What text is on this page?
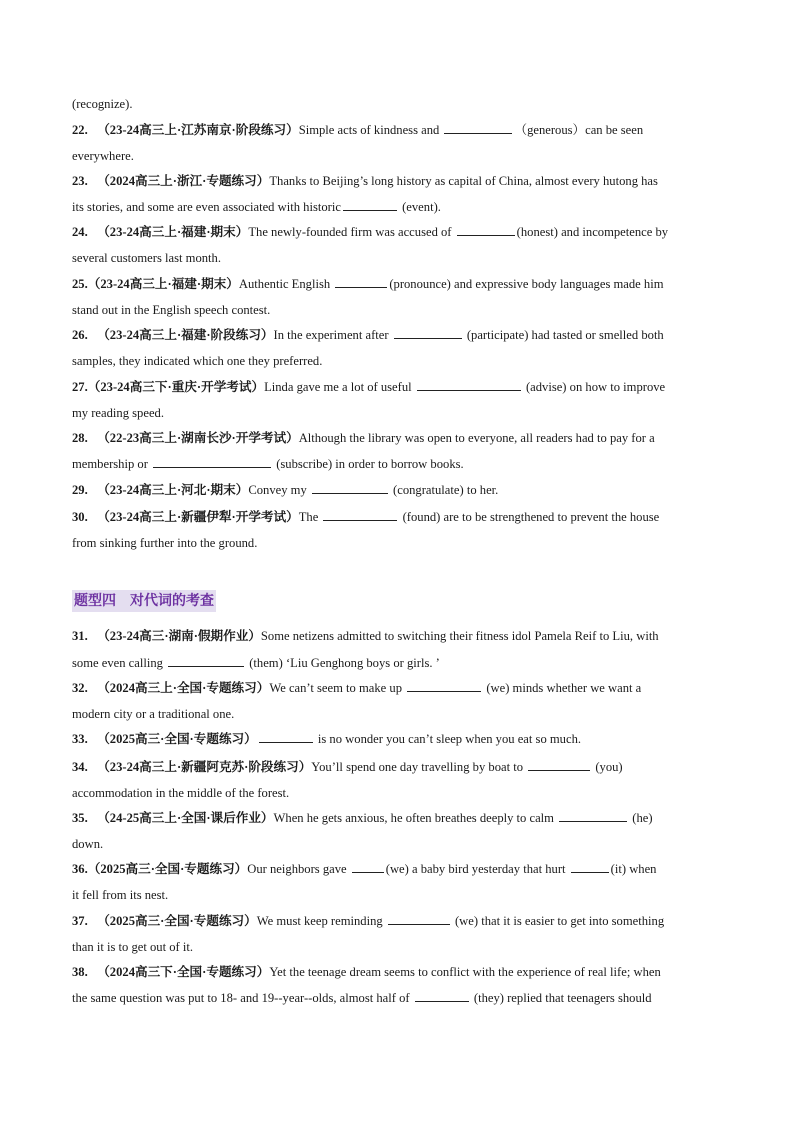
(recognize).
22. （23-24高三上·江苏南京·阶段练习）Simple acts of kindness and	（generous）can be seen
everywhere.
23. （2024高三上·浙江·专题练习）Thanks to Beijing’s long history as capital of China, almost every hutong has
its stories, and some are even associated with historic	(event).
24. （23-24高三上·福建·期末）The newly-founded firm was accused of	(honest) and incompetence by
several customers last month.
25.（23-24高三上·福建·期末）Authentic English	(pronounce) and expressive body languages made him
stand out in the English speech contest.
26. （23-24高三上·福建·阶段练习）In the experiment after	(participate) had tasted or smelled both
samples, they indicated which one they preferred.
27.（23-24高三下·重庆·开学考试）Linda gave me a lot of useful	(advise) on how to improve
my reading speed.
28. （22-23高三上·湖南长沙·开学考试）Although the library was open to everyone, all readers had to pay for a
membership or	(subscribe) in order to borrow books.
29. （23-24高三上·河北·期末）Convey my	(congratulate) to her.
30. （23-24高三上·新疆伊犁·开学考试）The	(found) are to be strengthened to prevent the house
from sinking further into the ground.
题型四　对代词的考查
31. （23-24高三·湖南·假期作业）Some netizens admitted to switching their fitness idol Pamela Reif to Liu, with
some even calling	(them) ‘Liu Genghong boys or girls. ’
32. （2024高三上·全国·专题练习）We can’t seem to make up	(we) minds whether we want a
modern city or a traditional one.
33. （2025高三·全国·专题练习）	is no wonder you can’t sleep when you eat so much.
34. （23-24高三上·新疆阿克苏·阶段练习）You’ll spend one day travelling by boat to	(you)
accommodation in the middle of the forest.
35. （24-25高三上·全国·课后作业）When he gets anxious, he often breathes deeply to calm	(he)
down.
36.（2025高三·全国·专题练习）Our neighbors gave	(we) a baby bird yesterday that hurt	(it) when
it fell from its nest.
37. （2025高三·全国·专题练习）We must keep reminding	(we) that it is easier to get into something
than it is to get out of it.
38. （2024高三下·全国·专题练习）Yet the teenage dream seems to conflict with the experience of real life; when
the same question was put to 18- and 19--year--olds, almost half of	(they) replied that teenagers should
